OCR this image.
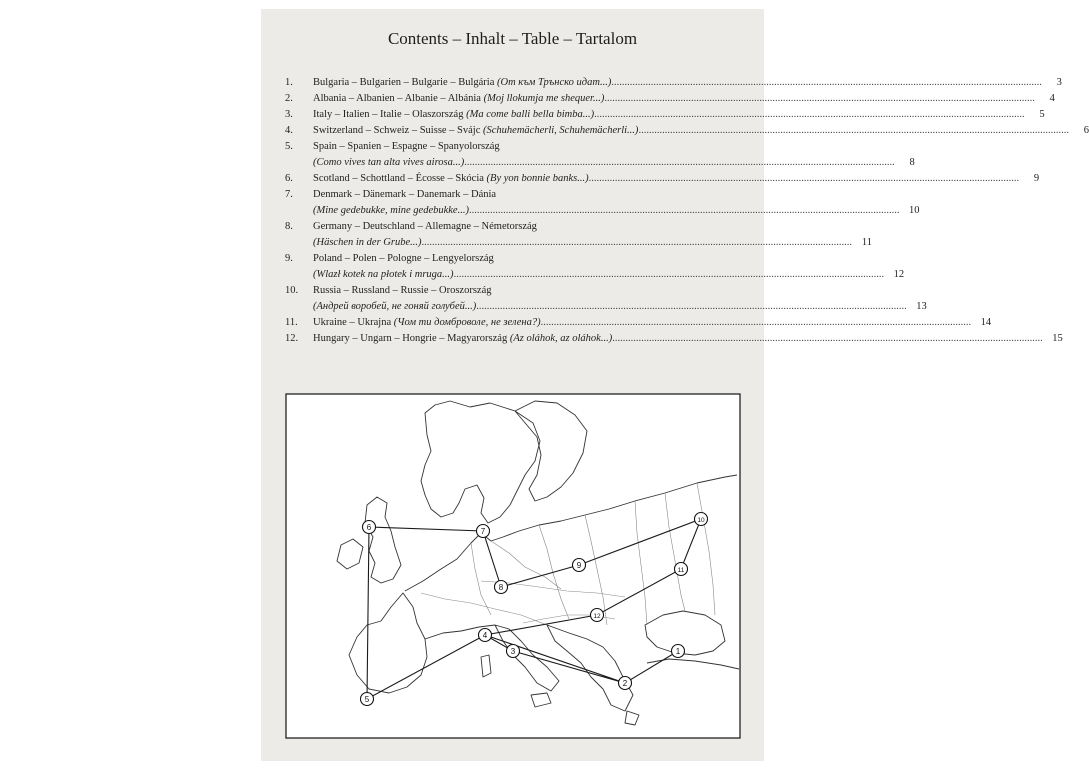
Contents – Inhalt – Table – Tartalom
1.	Bulgaria – Bulgarien – Bulgarie – Bulgária
(От към Трънско идат...) .....	3
2.	Albania – Albanien – Albanie – Albánia
(Moj llokumja me shequer...) .....	4
3.	Italy – Italien – Italie – Olaszország
(Ma come balli bella bimba...) .....	5
4.	Switzerland – Schweiz – Suisse – Svájc
(Schuhemächerli, Schuhemächerli...) .....	6
5.	Spain – Spanien – Espagne – Spanyolország
(Como vives tan alta vives airosa...) .....	8
6.	Scotland – Schottland – Écosse – Skócia
(By yon bonnie banks...) .....	9
7.	Denmark – Dänemark – Danemark – Dánia
(Mine gedebukke, mine gedebukke...) .....	10
8.	Germany – Deutschland – Allemagne – Németország
(Häschen in der Grube...) .....	11
9.	Poland – Polen – Pologne – Lengyelország
(Wlazł kotek na płotek i mruga...) .....	12
10.	Russia – Russland – Russie – Oroszország
(Андрей воробей, не гоняй голубей...) .....	13
11.	Ukraine – Ukrajna
(Чом ти домброволе, не зелена?) .....	14
12.	Hungary – Ungarn – Hongrie – Magyarország
(Az oláhok, az oláhok...) .....	15
1
2
3
4
5
6	7
8
9
10
11
12
